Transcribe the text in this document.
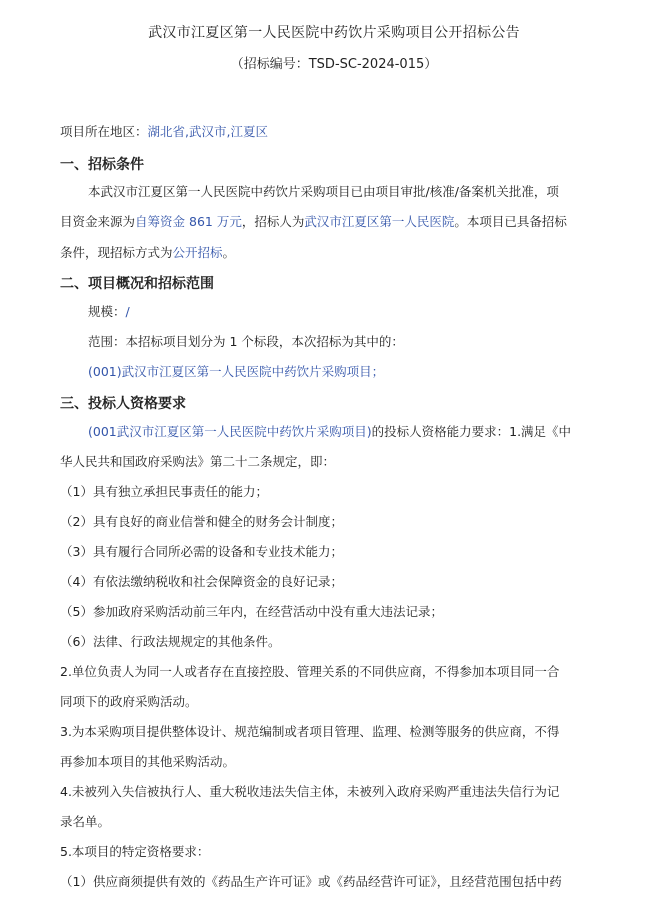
武汉市江夏区第一人民医院中药饮片采购项目公开招标公告
（招标编号：TSD-SC-2024-015）
项目所在地区：湖北省,武汉市,江夏区
一、招标条件
本武汉市江夏区第一人民医院中药饮片采购项目已由项目审批/核准/备案机关批准，项
目资金来源为自筹资金 861 万元，招标人为武汉市江夏区第一人民医院。本项目已具备招标
条件，现招标方式为公开招标。
二、项目概况和招标范围
规模：/
范围：本招标项目划分为 1 个标段，本次招标为其中的：
(001)武汉市江夏区第一人民医院中药饮片采购项目；
三、投标人资格要求
(001武汉市江夏区第一人民医院中药饮片采购项目)的投标人资格能力要求：1.满足《中
华人民共和国政府采购法》第二十二条规定，即：
（1）具有独立承担民事责任的能力；
（2）具有良好的商业信誉和健全的财务会计制度；
（3）具有履行合同所必需的设备和专业技术能力；
（4）有依法缴纳税收和社会保障资金的良好记录；
（5）参加政府采购活动前三年内，在经营活动中没有重大违法记录；
（6）法律、行政法规规定的其他条件。
2.单位负责人为同一人或者存在直接控股、管理关系的不同供应商，不得参加本项目同一合
同项下的政府采购活动。
3.为本采购项目提供整体设计、规范编制或者项目管理、监理、检测等服务的供应商，不得
再参加本项目的其他采购活动。
4.未被列入失信被执行人、重大税收违法失信主体，未被列入政府采购严重违法失信行为记
录名单。
5.本项目的特定资格要求：
（1）供应商须提供有效的《药品生产许可证》或《药品经营许可证》，且经营范围包括中药
